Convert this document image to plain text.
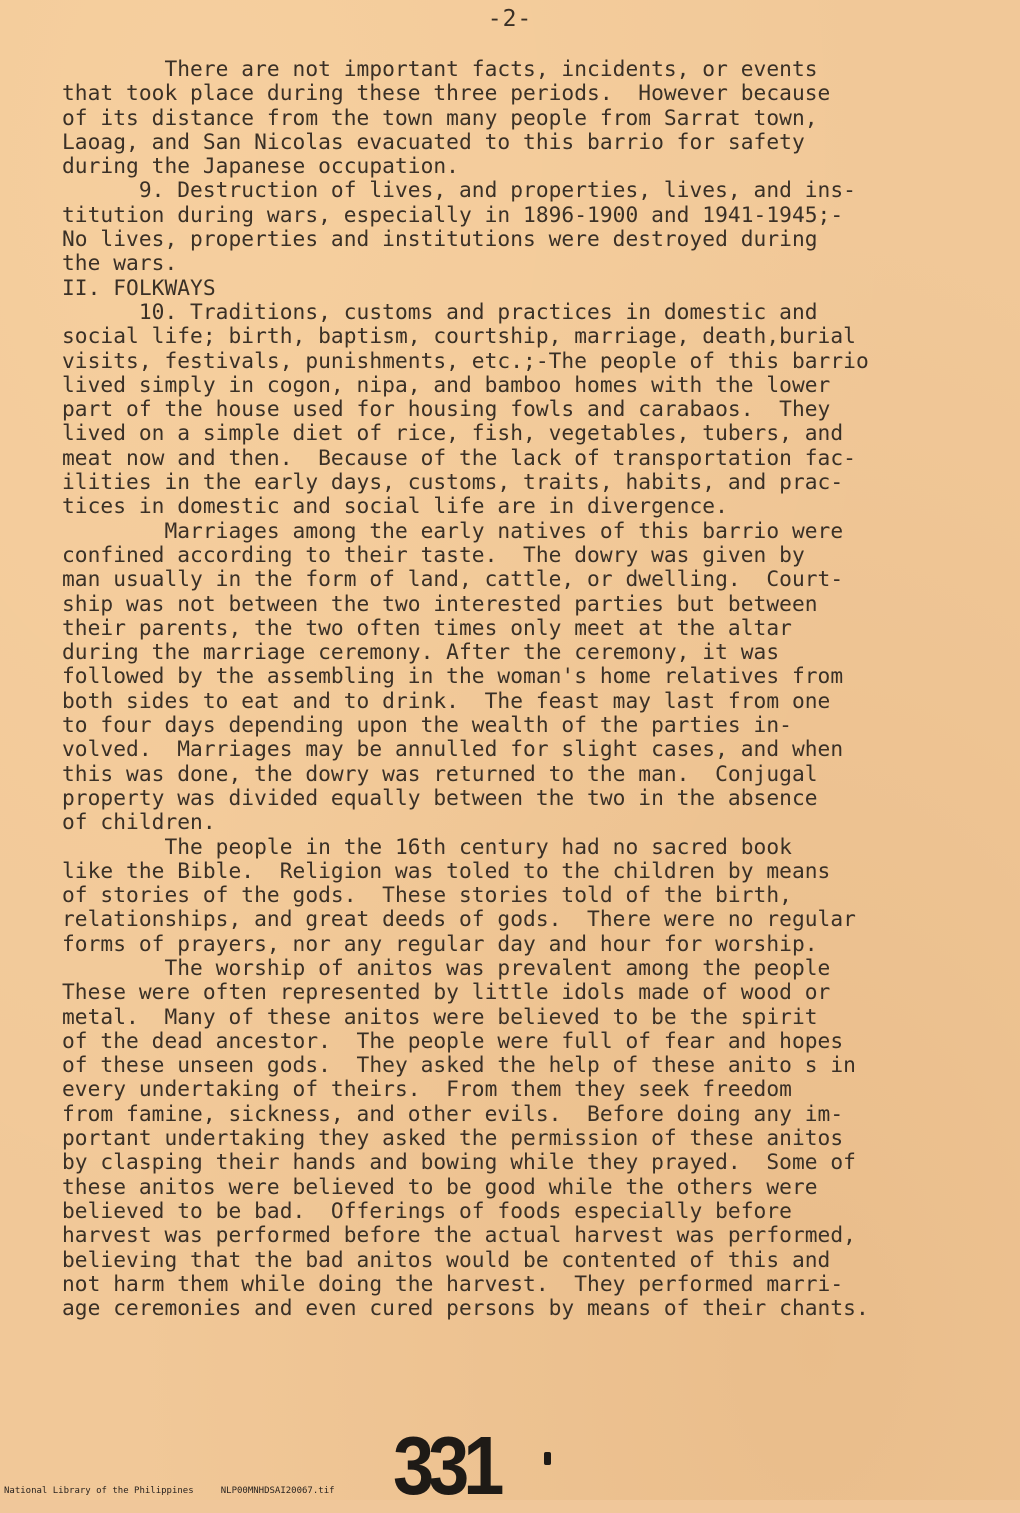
-2-
There are not important facts, incidents, or events
that took place during these three periods.  However because
of its distance from the town many people from Sarrat town,
Laoag, and San Nicolas evacuated to this barrio for safety
during the Japanese occupation.
9. Destruction of lives, and properties, lives, and ins-
titution during wars, especially in 1896-1900 and 1941-1945;-
No lives, properties and institutions were destroyed during
the wars.
II. FOLKWAYS
10. Traditions, customs and practices in domestic and
social life; birth, baptism, courtship, marriage, death,burial
visits, festivals, punishments, etc.;-The people of this barrio
lived simply in cogon, nipa, and bamboo homes with the lower
part of the house used for housing fowls and carabaos.  They
lived on a simple diet of rice, fish, vegetables, tubers, and
meat now and then.  Because of the lack of transportation fac-
ilities in the early days, customs, traits, habits, and prac-
tices in domestic and social life are in divergence.
Marriages among the early natives of this barrio were
confined according to their taste.  The dowry was given by
man usually in the form of land, cattle, or dwelling.  Court-
ship was not between the two interested parties but between
their parents, the two often times only meet at the altar
during the marriage ceremony. After the ceremony, it was
followed by the assembling in the woman's home relatives from
both sides to eat and to drink.  The feast may last from one
to four days depending upon the wealth of the parties in-
volved.  Marriages may be annulled for slight cases, and when
this was done, the dowry was returned to the man.  Conjugal
property was divided equally between the two in the absence
of children.
The people in the 16th century had no sacred book
like the Bible.  Religion was toled to the children by means
of stories of the gods.  These stories told of the birth,
relationships, and great deeds of gods.  There were no regular
forms of prayers, nor any regular day and hour for worship.
The worship of anitos was prevalent among the people
These were often represented by little idols made of wood or
metal.  Many of these anitos were believed to be the spirit
of the dead ancestor.  The people were full of fear and hopes
of these unseen gods.  They asked the help of these anito s in
every undertaking of theirs.  From them they seek freedom
from famine, sickness, and other evils.  Before doing any im-
portant undertaking they asked the permission of these anitos
by clasping their hands and bowing while they prayed.  Some of
these anitos were believed to be good while the others were
believed to be bad.  Offerings of foods especially before
harvest was performed before the actual harvest was performed,
believing that the bad anitos would be contented of this and
not harm them while doing the harvest.  They performed marri-
age ceremonies and even cured persons by means of their chants.
331
National Library of the Philippines     NLP00MNHDSAI20067.tif
